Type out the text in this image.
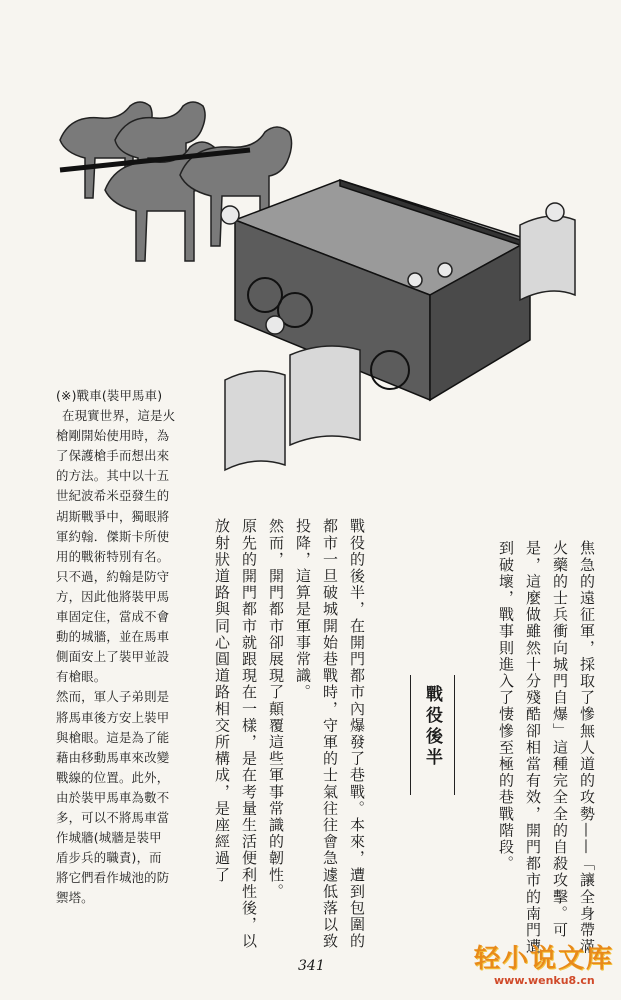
(※)戰車(裝甲馬車)

在現實世界，這是火

槍剛開始使用時，為

了保護槍手而想出來

的方法。其中以十五

世紀波希米亞發生的

胡斯戰爭中，獨眼將

軍約翰．傑斯卡所使

用的戰術特別有名。

只不過，約翰是防守

方，因此他將裝甲馬

車固定住，當成不會

動的城牆，並在馬車

側面安上了裝甲並設

有槍眼。

然而，軍人子弟則是

將馬車後方安上裝甲

與槍眼。這是為了能

藉由移動馬車來改變

戰線的位置。此外，

由於裝甲馬車為數不

多，可以不將馬車當

作城牆(城牆是裝甲

盾步兵的職責)，而

將它們看作城池的防

禦塔。	焦急的遠征軍，採取了慘無人道的攻勢——「讓全身帶滿火藥的士兵衝向城門自爆」這種完全全的自殺攻擊。可是，這麼做雖然十分殘酷卻相當有效，開門都市的南門遭到破壞，戰事則進入了悽慘至極的巷戰階段。

戰役後半

戰役的後半，在開門都市內爆發了巷戰。本來，遭到包圍的都市一旦破城開始巷戰時，守軍的士氣往往會急遽低落以致投降，這算是軍事常識。

然而，開門都市卻展現了顛覆這些軍事常識的韌性。

原先的開門都市就跟現在一樣，是在考量生活便利性後，以放射狀道路與同心圓道路相交所構成，是座經過了

341	轻小说文库
www.wenku8.cn
